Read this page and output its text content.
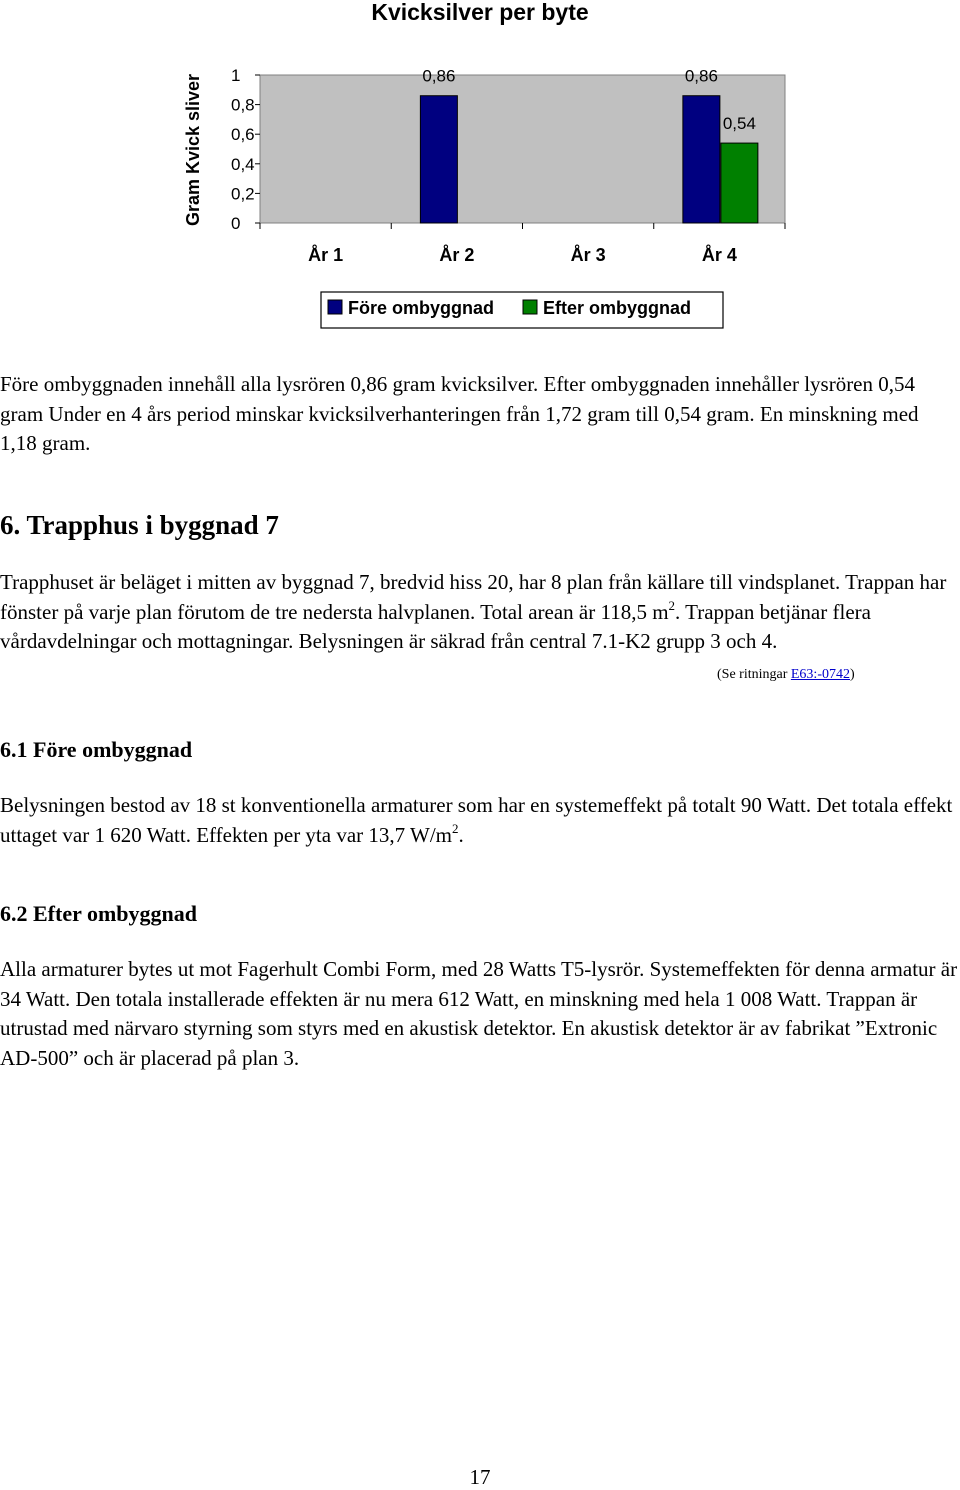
Kvicksilver per byte
Gram Kvick sliver 0
0,2
0,4
0,6
0,8
1
År 1	År 2	År 3	År 4
0,86	0,86
0,54
Före ombyggnad	Efter ombyggnad
Före ombyggnaden innehåll alla lysrören 0,86 gram kvicksilver. Efter ombyggnaden innehåller lysrören 0,54 gram Under en 4 års period minskar kvicksilverhanteringen från 1,72 gram till 0,54 gram. En minskning med 1,18 gram.
6. Trapphus i byggnad 7
Trapphuset är beläget i mitten av byggnad 7, bredvid hiss 20, har 8 plan från källare till vindsplanet. Trappan har fönster på varje plan förutom de tre nedersta halvplanen. Total arean är 118,5 $m^2$. Trappan betjänar flera vårdavdelningar och mottagningar. Belysningen är säkrad från central 7.1-K2 grupp 3 och 4.
(Se ritningar E63:-0742)
6.1 Före ombyggnad
Belysningen bestod av 18 st konventionella armaturer som har en systemeffekt på totalt 90 Watt. Det totala effekt uttaget var 1 620 Watt. Effekten per yta var 13,7 $W/m^2$.
6.2 Efter ombyggnad
Alla armaturer bytes ut mot Fagerhult Combi Form, med 28 Watts T5-lysrör. Systemeffekten för denna armatur är 34 Watt. Den totala installerade effekten är nu mera 612 Watt, en minskning med hela 1 008 Watt. Trappan är utrustad med närvaro styrning som styrs med en akustisk detektor. En akustisk detektor är av fabrikat ”Extronic AD-500” och är placerad på plan 3.
17
